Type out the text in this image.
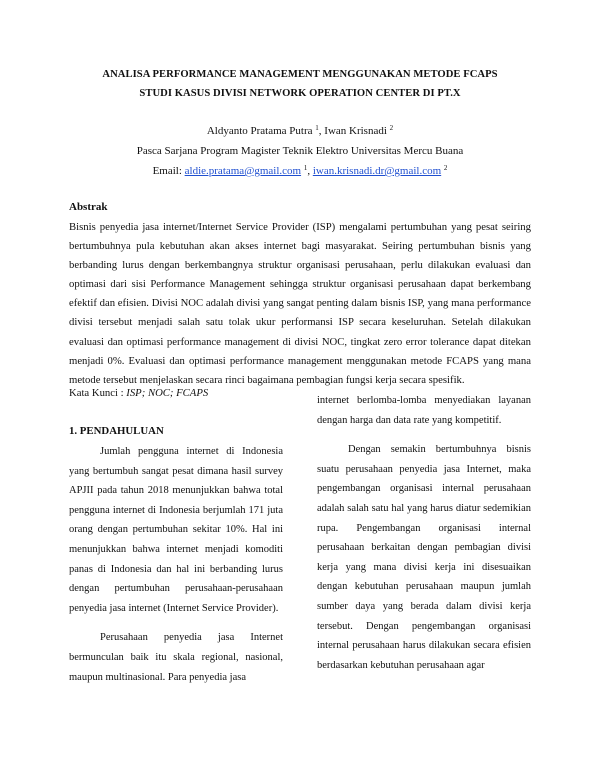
ANALISA PERFORMANCE MANAGEMENT MENGGUNAKAN METODE FCAPS
STUDI KASUS DIVISI NETWORK OPERATION CENTER DI PT.X
Aldyanto Pratama Putra $^1$, Iwan Krisnadi $^2$
Pasca Sarjana Program Magister Teknik Elektro Universitas Mercu Buana
Email: aldie.pratama@gmail.com $^1$, iwan.krisnadi.dr@gmail.com $^2$
Abstrak

Bisnis penyedia jasa internet/Internet Service Provider (ISP) mengalami pertumbuhan yang pesat seiring bertumbuhnya pula kebutuhan akan akses internet bagi masyarakat. Seiring pertumbuhan bisnis yang berbanding lurus dengan berkembangnya struktur organisasi perusahaan, perlu dilakukan evaluasi dan optimasi dari sisi Performance Management sehingga struktur organisasi perusahaan dapat berkembang efektif dan efisien. Divisi NOC adalah divisi yang sangat penting dalam bisnis ISP, yang mana performance divisi tersebut menjadi salah satu tolak ukur performansi ISP secara keseluruhan. Setelah dilakukan evaluasi dan optimasi performance management di divisi NOC, tingkat zero error tolerance dapat ditekan menjadi 0%. Evaluasi dan optimasi performance management menggunakan metode FCAPS yang mana metode tersebut menjelaskan secara rinci bagaimana pembagian fungsi kerja secara spesifik.

Kata Kunci : ISP; NOC; FCAPS
1. PENDAHULUAN

Jumlah pengguna internet di Indonesia yang bertumbuh sangat pesat dimana hasil survey APJII pada tahun 2018 menunjukkan bahwa total pengguna internet di Indonesia berjumlah 171 juta orang dengan pertumbuhan sekitar 10%. Hal ini menunjukkan bahwa internet menjadi komoditi panas di Indonesia dan hal ini berbanding lurus dengan pertumbuhan perusahaan-perusahaan penyedia jasa internet (Internet Service Provider).

Perusahaan penyedia jasa Internet bermunculan baik itu skala regional, nasional, maupun multinasional. Para penyedia jasa

internet berlomba-lomba menyediakan layanan dengan harga dan data rate yang kompetitif.

Dengan semakin bertumbuhnya bisnis suatu perusahaan penyedia jasa Internet, maka pengembangan organisasi internal perusahaan adalah salah satu hal yang harus diatur sedemikian rupa. Pengembangan organisasi internal perusahaan berkaitan dengan pembagian divisi kerja yang mana divisi kerja ini disesuaikan dengan kebutuhan perusahaan maupun jumlah sumber daya yang berada dalam divisi kerja tersebut. Dengan pengembangan organisasi internal perusahaan harus dilakukan secara efisien berdasarkan kebutuhan perusahaan agar
